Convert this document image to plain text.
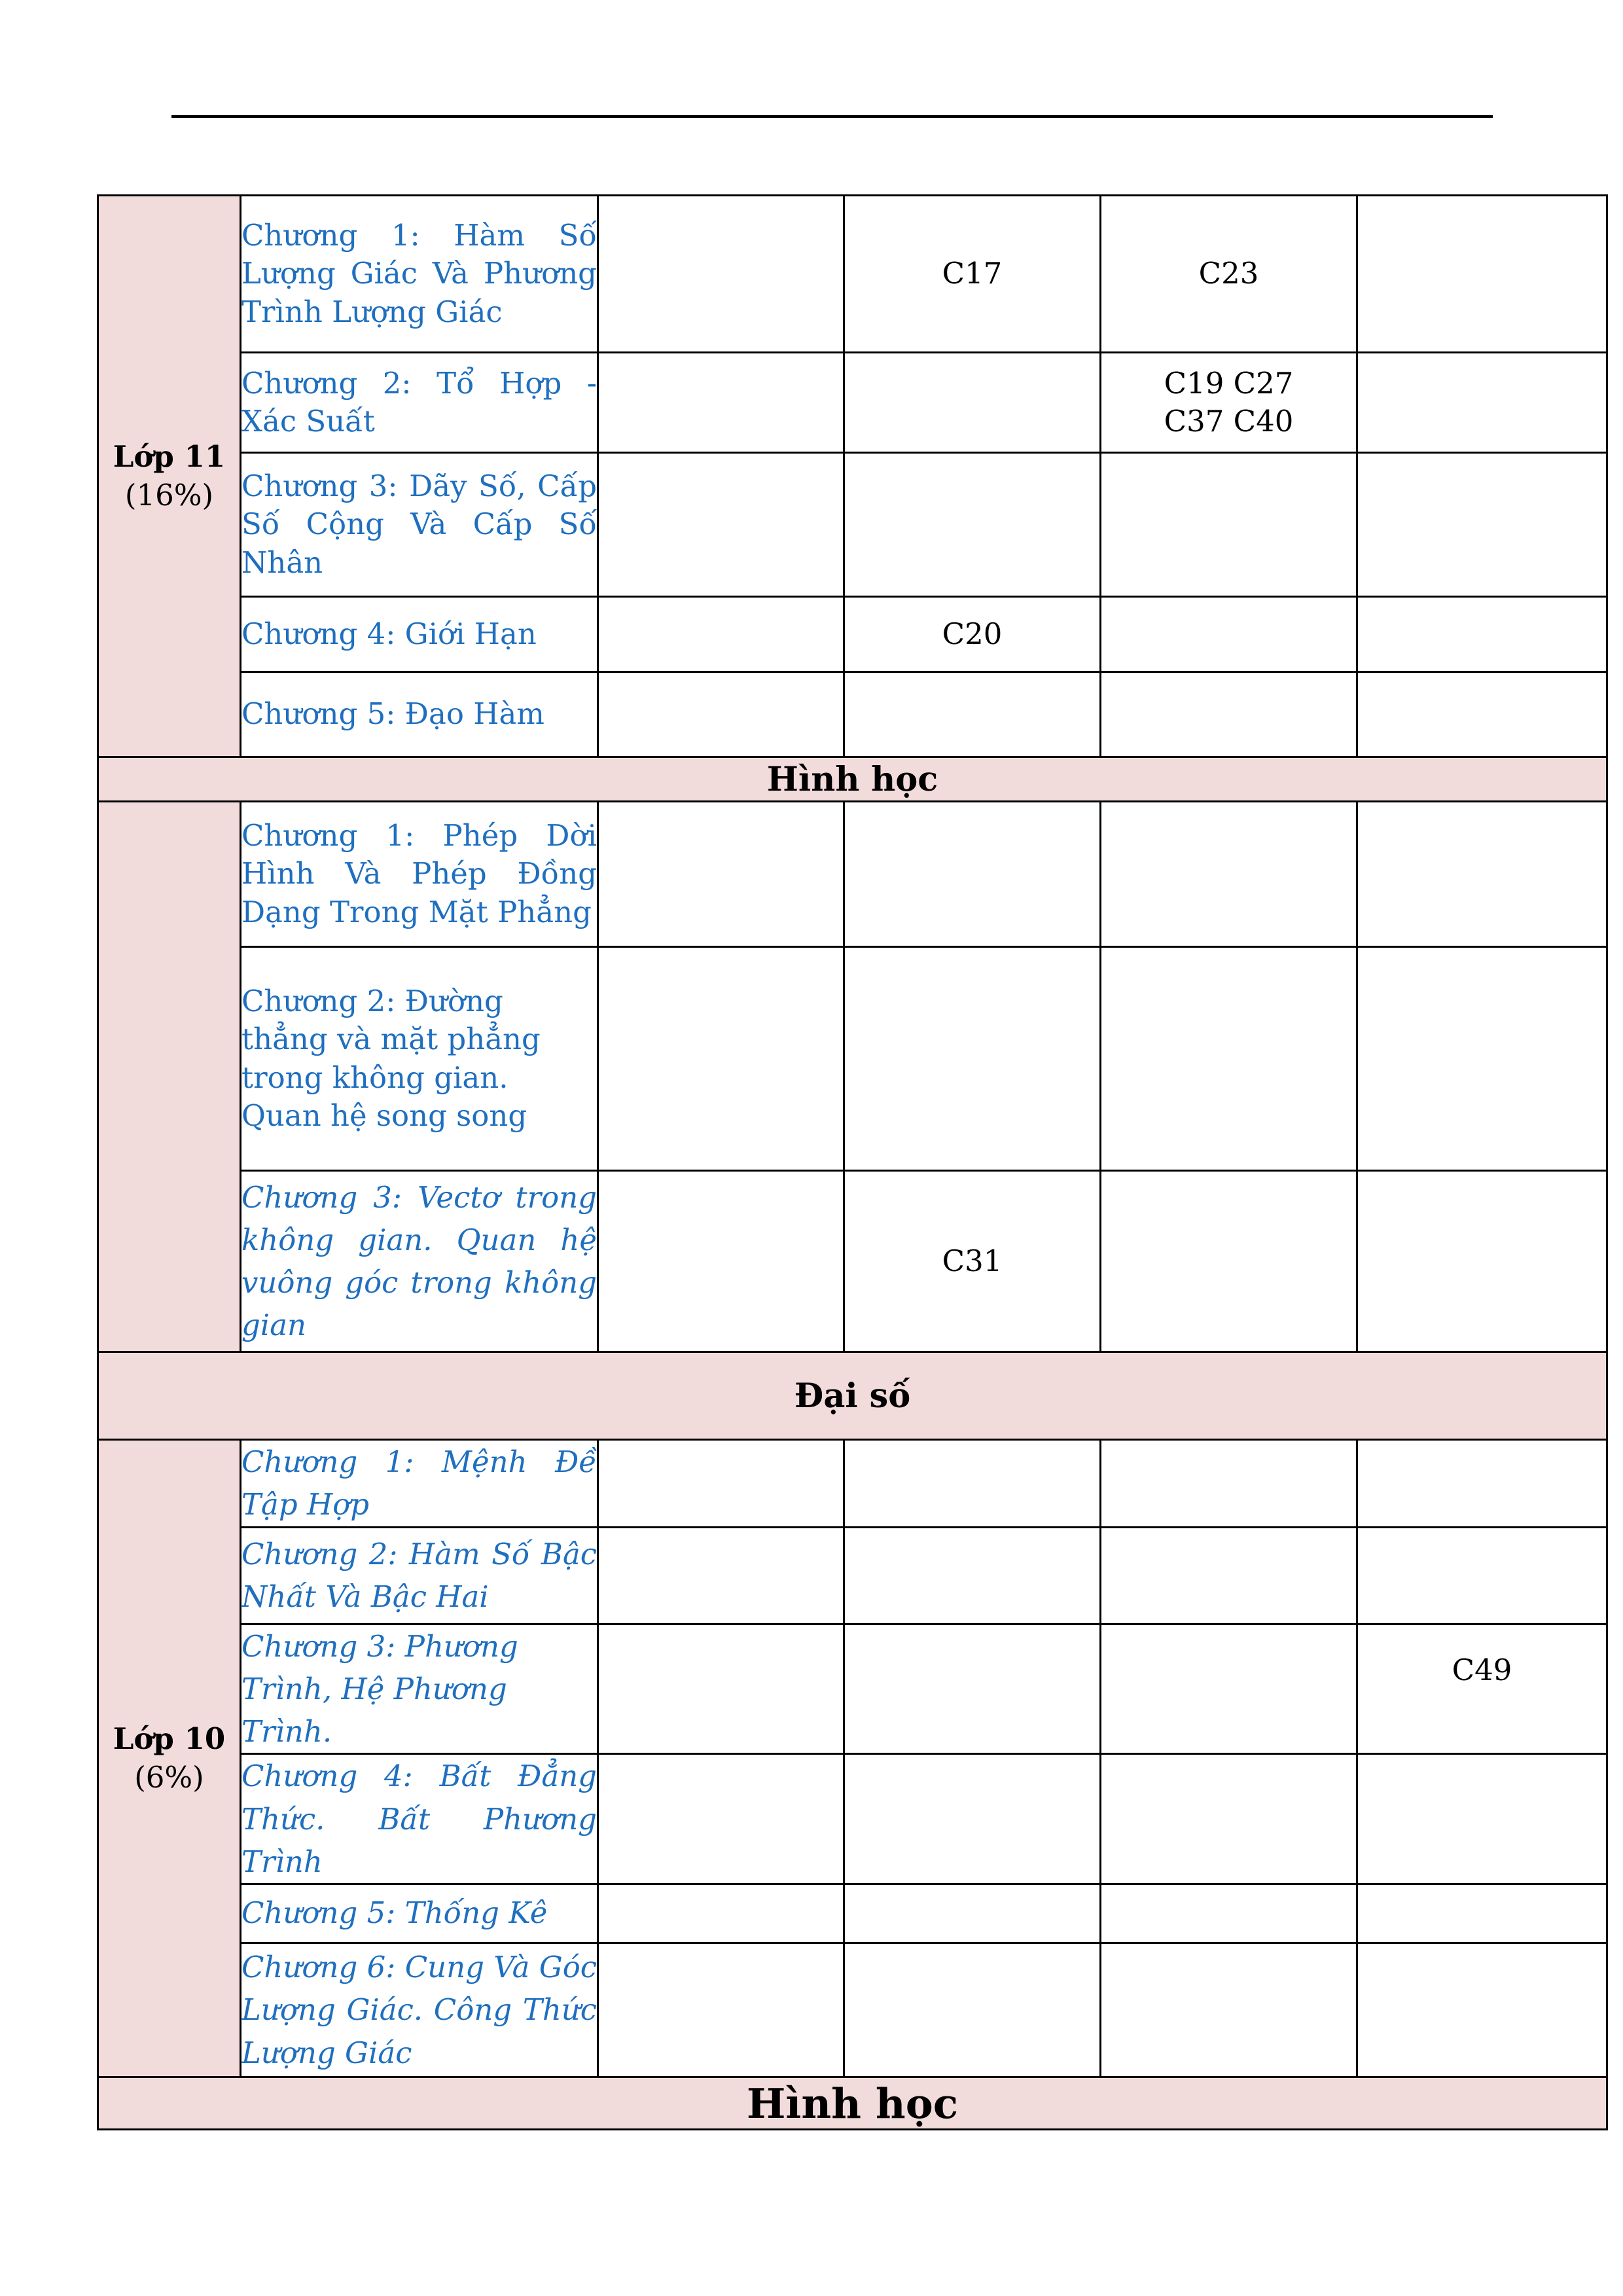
Lớp 11
(16%)	Chương 1: Hàm Số Lượng Giác Và Phương Trình Lượng Giác		C17	C23	
	Chương 2: Tổ Hợp - Xác Suất			C19 C27 C37 C40	
	Chương 3: Dãy Số, Cấp Số Cộng Và Cấp Số Nhân				
	Chương 4: Giới Hạn		C20		
	Chương 5: Đạo Hàm				
Hình học					
	Chương 1: Phép Dời Hình Và Phép Đồng Dạng Trong Mặt Phẳng				
	Chương 2: Đường thẳng và mặt phẳng trong không gian. Quan hệ song song				
	Chương 3: Vectơ trong không gian. Quan hệ vuông góc trong không gian		C31		
Đại số					

Lớp 10
(6%)	Chương 1: Mệnh Đề Tập Hợp				
	Chương 2: Hàm Số Bậc Nhất Và Bậc Hai				
	Chương 3: Phương Trình, Hệ Phương Trình.				C49
	Chương 4: Bất Đẳng Thức. Bất Phương Trình				
	Chương 5: Thống Kê				
	Chương 6: Cung Và Góc Lượng Giác. Công Thức Lượng Giác				
Hình học					
